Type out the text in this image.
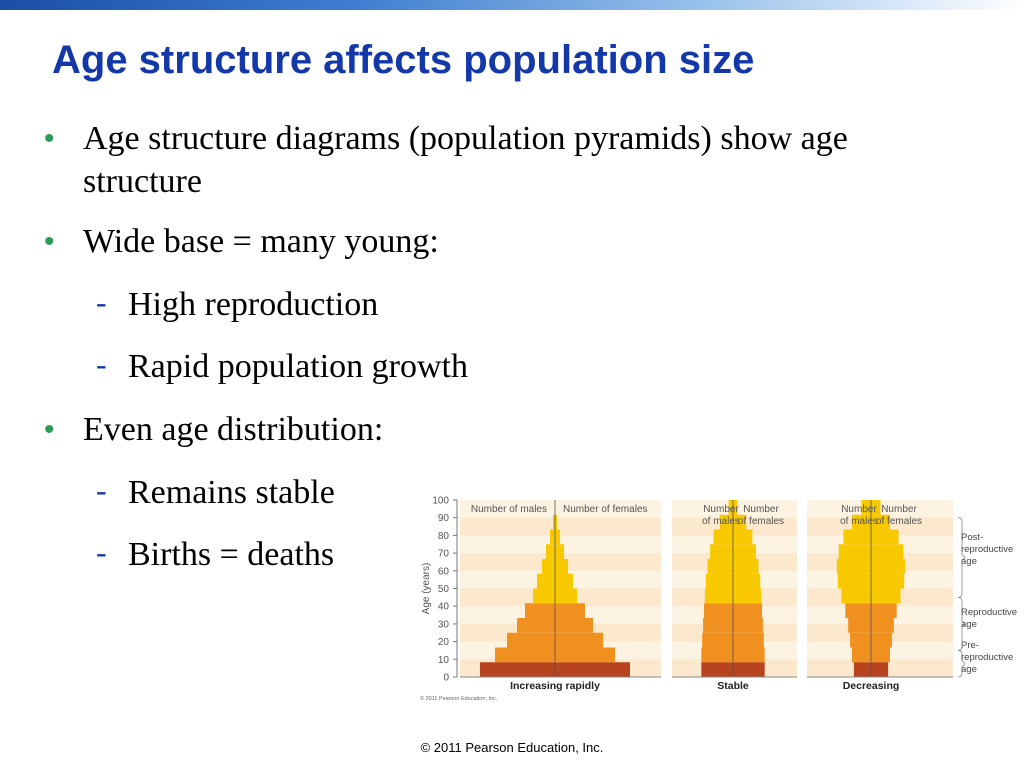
Age structure affects population size
• Age structure diagrams (population pyramids) show age
structure
• Wide base = many young:
- High reproduction
- Rapid population growth
• Even age distribution:
- Remains stable
- Births = deaths
0
10
20
30
40
50
60
70
80
90
100
Age (years)
Number of males Number of females
Increasing rapidly
Number
of males
Number
of females
Stable
Number
of males
Number
of females
Decreasing
Pre-
reproductive
age
Reproductive
age
Post-
reproductive
age
© 2011 Pearson Education, Inc.
© 2011 Pearson Education, Inc.
